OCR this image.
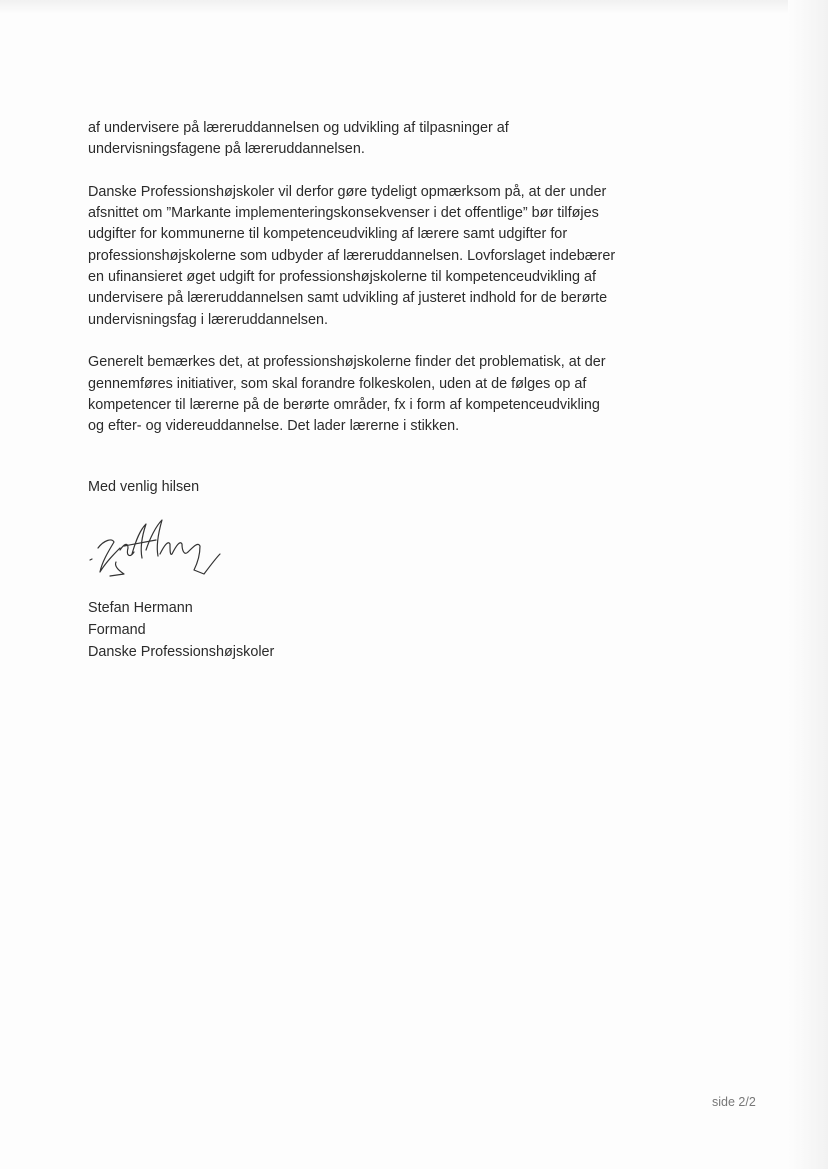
af undervisere på læreruddannelsen og udvikling af tilpasninger af
undervisningsfagene på læreruddannelsen.

Danske Professionshøjskoler vil derfor gøre tydeligt opmærksom på, at der under
afsnittet om ”Markante implementeringskonsekvenser i det offentlige” bør tilføjes
udgifter for kommunerne til kompetenceudvikling af lærere samt udgifter for
professionshøjskolerne som udbyder af læreruddannelsen. Lovforslaget indebærer
en ufinansieret øget udgift for professionshøjskolerne til kompetenceudvikling af
undervisere på læreruddannelsen samt udvikling af justeret indhold for de berørte
undervisningsfag i læreruddannelsen.

Generelt bemærkes det, at professionshøjskolerne finder det problematisk, at der
gennemføres initiativer, som skal forandre folkeskolen, uden at de følges op af
kompetencer til lærerne på de berørte områder, fx i form af kompetenceudvikling
og efter- og videreuddannelse. Det lader lærerne i stikken.

Med venlig hilsen

Stefan Hermann
Formand
Danske Professionshøjskoler
side 2/2
